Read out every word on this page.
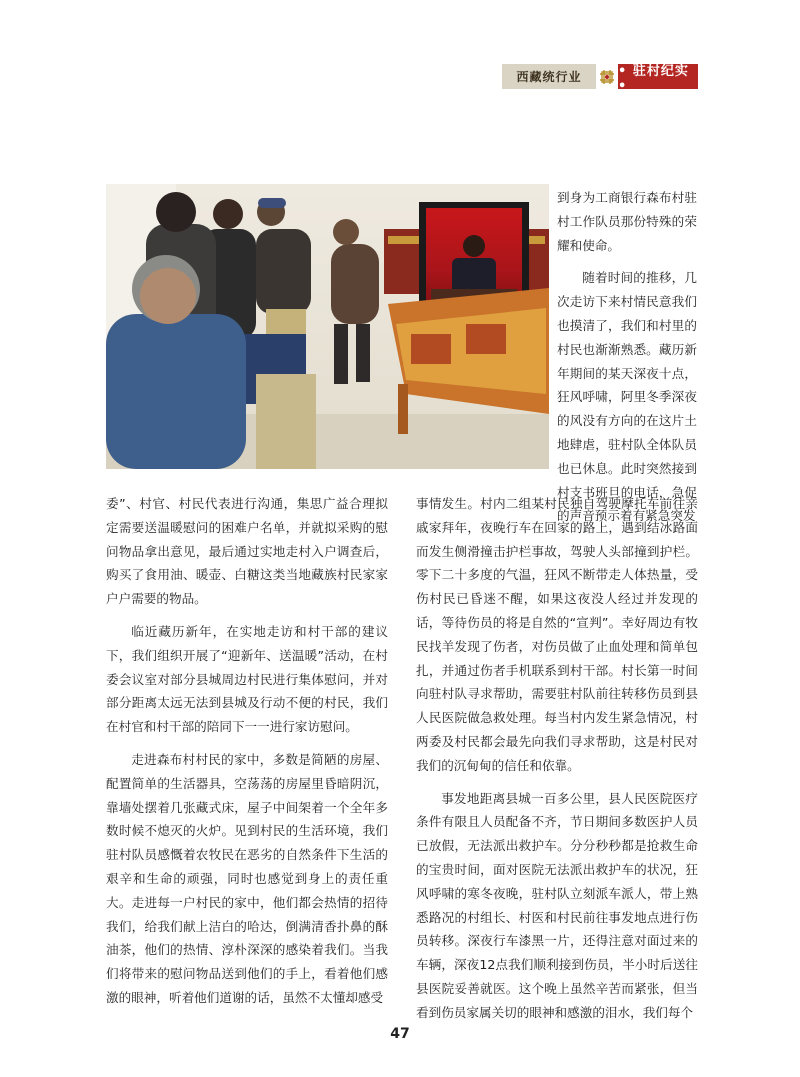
西藏统行业	• 驻村纪实 •

到身为工商银行森布村驻村工作队员那份特殊的荣耀和使命。

随着时间的推移，几次走访下来村情民意我们也摸清了，我们和村里的村民也渐渐熟悉。藏历新年期间的某天深夜十点，狂风呼啸，阿里冬季深夜的风没有方向的在这片土地肆虐，驻村队全体队员也已休息。此时突然接到村支书班旦的电话，急促的声音预示着有紧急突发

委”、村官、村民代表进行沟通，集思广益合理拟定需要送温暖慰问的困难户名单，并就拟采购的慰问物品拿出意见，最后通过实地走村入户调查后，购买了食用油、暖壶、白糖这类当地藏族村民家家户户需要的物品。

临近藏历新年，在实地走访和村干部的建议下，我们组织开展了“迎新年、送温暖”活动，在村委会议室对部分县城周边村民进行集体慰问，并对部分距离太远无法到县城及行动不便的村民，我们在村官和村干部的陪同下一一进行家访慰问。

走进森布村村民的家中，多数是简陋的房屋、配置简单的生活器具，空荡荡的房屋里昏暗阴沉，靠墙处摆着几张藏式床，屋子中间架着一个全年多数时候不熄灭的火炉。见到村民的生活环境，我们驻村队员感慨着农牧民在恶劣的自然条件下生活的艰辛和生命的顽强，同时也感觉到身上的责任重大。走进每一户村民的家中，他们都会热情的招待我们，给我们献上洁白的哈达，倒满清香扑鼻的酥油茶，他们的热情、淳朴深深的感染着我们。当我们将带来的慰问物品送到他们的手上，看着他们感激的眼神，听着他们道谢的话，虽然不太懂却感受

事情发生。村内二组某村民独自驾驶摩托车前往亲戚家拜年，夜晚行车在回家的路上，遇到结冰路面而发生侧滑撞击护栏事故，驾驶人头部撞到护栏。零下二十多度的气温，狂风不断带走人体热量，受伤村民已昏迷不醒，如果这夜没人经过并发现的话，等待伤员的将是自然的“宣判”。幸好周边有牧民找羊发现了伤者，对伤员做了止血处理和简单包扎，并通过伤者手机联系到村干部。村长第一时间向驻村队寻求帮助，需要驻村队前往转移伤员到县人民医院做急救处理。每当村内发生紧急情况，村两委及村民都会最先向我们寻求帮助，这是村民对我们的沉甸甸的信任和依靠。

事发地距离县城一百多公里，县人民医院医疗条件有限且人员配备不齐，节日期间多数医护人员已放假，无法派出救护车。分分秒秒都是抢救生命的宝贵时间，面对医院无法派出救护车的状况，狂风呼啸的寒冬夜晚，驻村队立刻派车派人，带上熟悉路况的村组长、村医和村民前往事发地点进行伤员转移。深夜行车漆黑一片，还得注意对面过来的车辆，深夜12点我们顺利接到伤员，半小时后送往县医院妥善就医。这个晚上虽然辛苦而紧张，但当看到伤员家属关切的眼神和感激的泪水，我们每个

47
